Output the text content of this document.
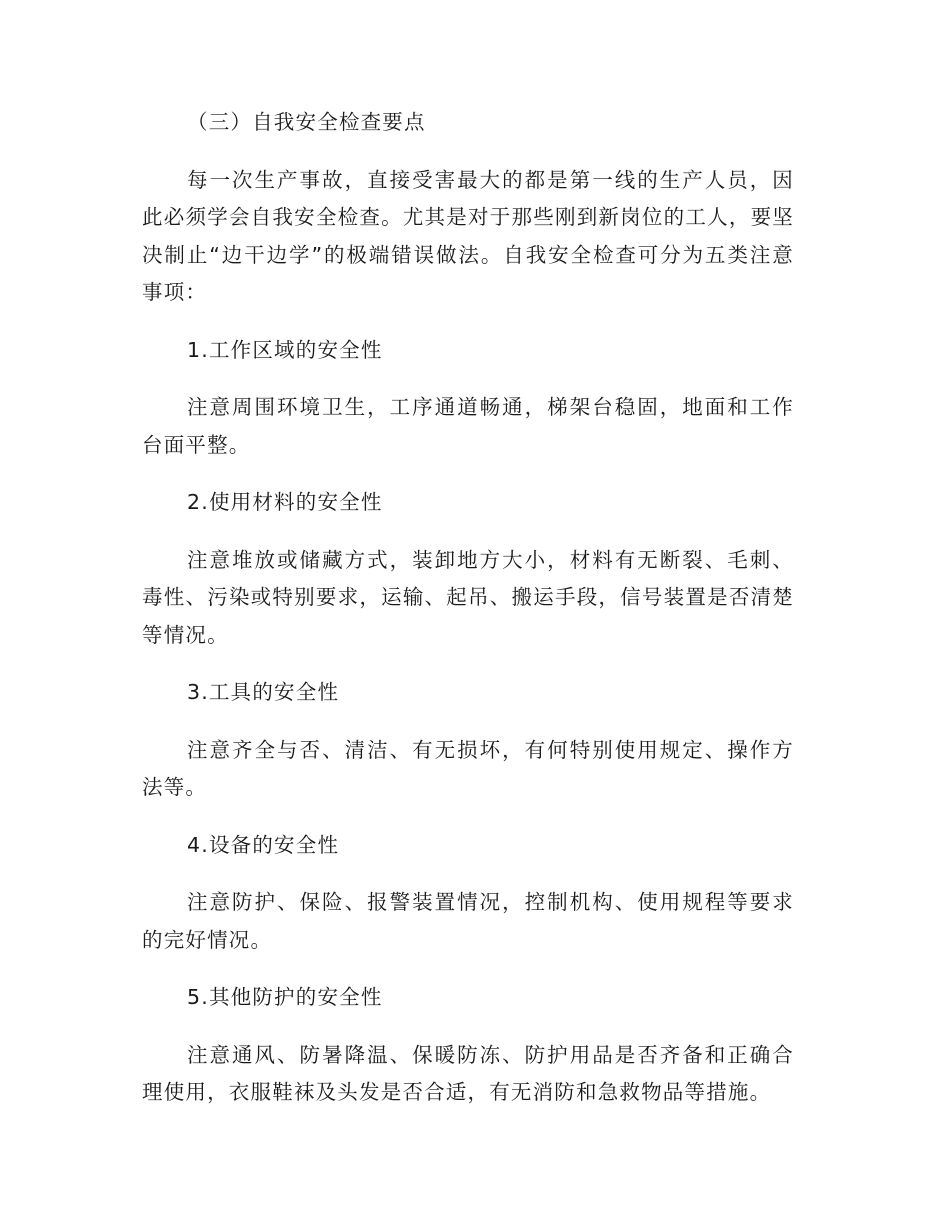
（三）自我安全检查要点

每一次生产事故，直接受害最大的都是第一线的生产人员，因此必须学会自我安全检查。尤其是对于那些刚到新岗位的工人，要坚决制止“边干边学”的极端错误做法。自我安全检查可分为五类注意事项：

1.工作区域的安全性

注意周围环境卫生，工序通道畅通，梯架台稳固，地面和工作台面平整。

2.使用材料的安全性

注意堆放或储藏方式，装卸地方大小，材料有无断裂、毛刺、毒性、污染或特别要求，运输、起吊、搬运手段，信号装置是否清楚等情况。

3.工具的安全性

注意齐全与否、清洁、有无损坏，有何特别使用规定、操作方法等。

4.设备的安全性

注意防护、保险、报警装置情况，控制机构、使用规程等要求的完好情况。

5.其他防护的安全性

注意通风、防暑降温、保暖防冻、防护用品是否齐备和正确合理使用，衣服鞋袜及头发是否合适，有无消防和急救物品等措施。
